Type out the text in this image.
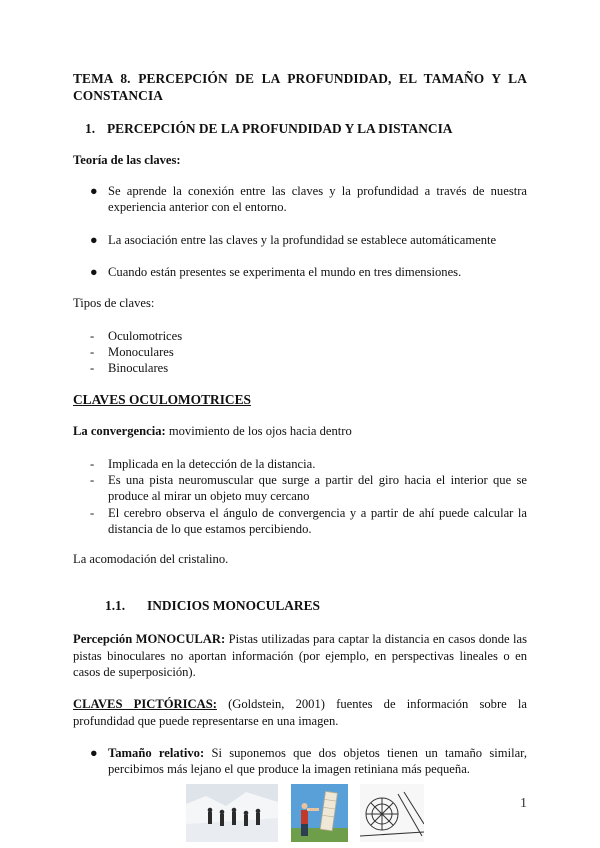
TEMA 8. PERCEPCIÓN DE LA PROFUNDIDAD, EL TAMAÑO Y LA CONSTANCIA
1. PERCEPCIÓN DE LA PROFUNDIDAD Y LA DISTANCIA
Teoría de las claves:
● Se aprende la conexión entre las claves y la profundidad a través de nuestra experiencia anterior con el entorno.
● La asociación entre las claves y la profundidad se establece automáticamente
● Cuando están presentes se experimenta el mundo en tres dimensiones.
Tipos de claves:
- Oculomotrices
- Monoculares
- Binoculares
CLAVES OCULOMOTRICES
La convergencia: movimiento de los ojos hacia dentro
- Implicada en la detección de la distancia.
- Es una pista neuromuscular que surge a partir del giro hacia el interior que se produce al mirar un objeto muy cercano
- El cerebro observa el ángulo de convergencia y a partir de ahí puede calcular la distancia de lo que estamos percibiendo.
La acomodación del cristalino.
1.1. INDICIOS MONOCULARES
Percepción MONOCULAR: Pistas utilizadas para captar la distancia en casos donde las pistas binoculares no aportan información (por ejemplo, en perspectivas lineales o en casos de superposición).
CLAVES PICTÓRICAS: (Goldstein, 2001) fuentes de información sobre la profundidad que puede representarse en una imagen.
● Tamaño relativo: Si suponemos que dos objetos tienen un tamaño similar, percibimos más lejano el que produce la imagen retiniana más pequeña.
1
